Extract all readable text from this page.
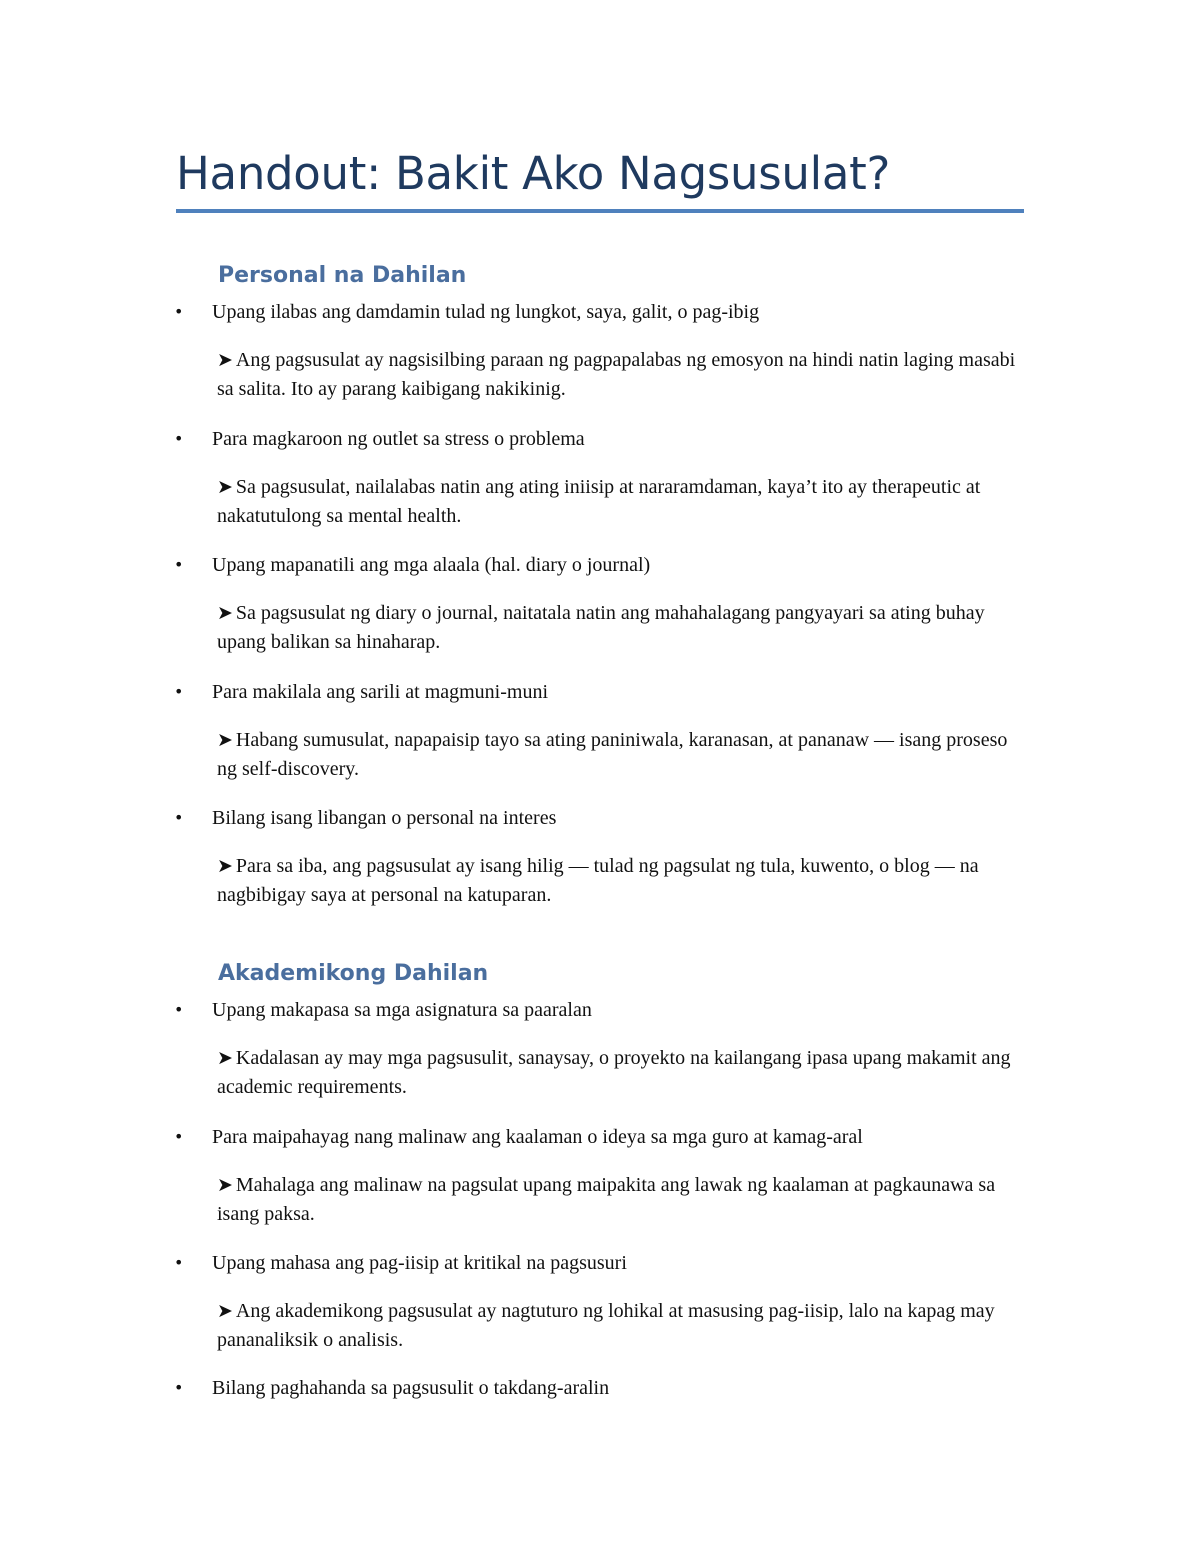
Handout: Bakit Ako Nagsusulat?
Personal na Dahilan
• Upang ilabas ang damdamin tulad ng lungkot, saya, galit, o pag-ibig
➤ Ang pagsusulat ay nagsisilbing paraan ng pagpapalabas ng emosyon na hindi natin laging masabi sa salita. Ito ay parang kaibigang nakikinig.
• Para magkaroon ng outlet sa stress o problema
➤ Sa pagsusulat, nailalabas natin ang ating iniisip at nararamdaman, kaya’t ito ay therapeutic at nakatutulong sa mental health.
• Upang mapanatili ang mga alaala (hal. diary o journal)
➤ Sa pagsusulat ng diary o journal, naitatala natin ang mahahalagang pangyayari sa ating buhay upang balikan sa hinaharap.
• Para makilala ang sarili at magmuni-muni
➤ Habang sumusulat, napapaisip tayo sa ating paniniwala, karanasan, at pananaw — isang proseso ng self-discovery.
• Bilang isang libangan o personal na interes
➤ Para sa iba, ang pagsusulat ay isang hilig — tulad ng pagsulat ng tula, kuwento, o blog — na nagbibigay saya at personal na katuparan.
Akademikong Dahilan
• Upang makapasa sa mga asignatura sa paaralan
➤ Kadalasan ay may mga pagsusulit, sanaysay, o proyekto na kailangang ipasa upang makamit ang academic requirements.
• Para maipahayag nang malinaw ang kaalaman o ideya sa mga guro at kamag-aral
➤ Mahalaga ang malinaw na pagsulat upang maipakita ang lawak ng kaalaman at pagkaunawa sa isang paksa.
• Upang mahasa ang pag-iisip at kritikal na pagsusuri
➤ Ang akademikong pagsusulat ay nagtuturo ng lohikal at masusing pag-iisip, lalo na kapag may pananaliksik o analisis.
• Bilang paghahanda sa pagsusulit o takdang-aralin
